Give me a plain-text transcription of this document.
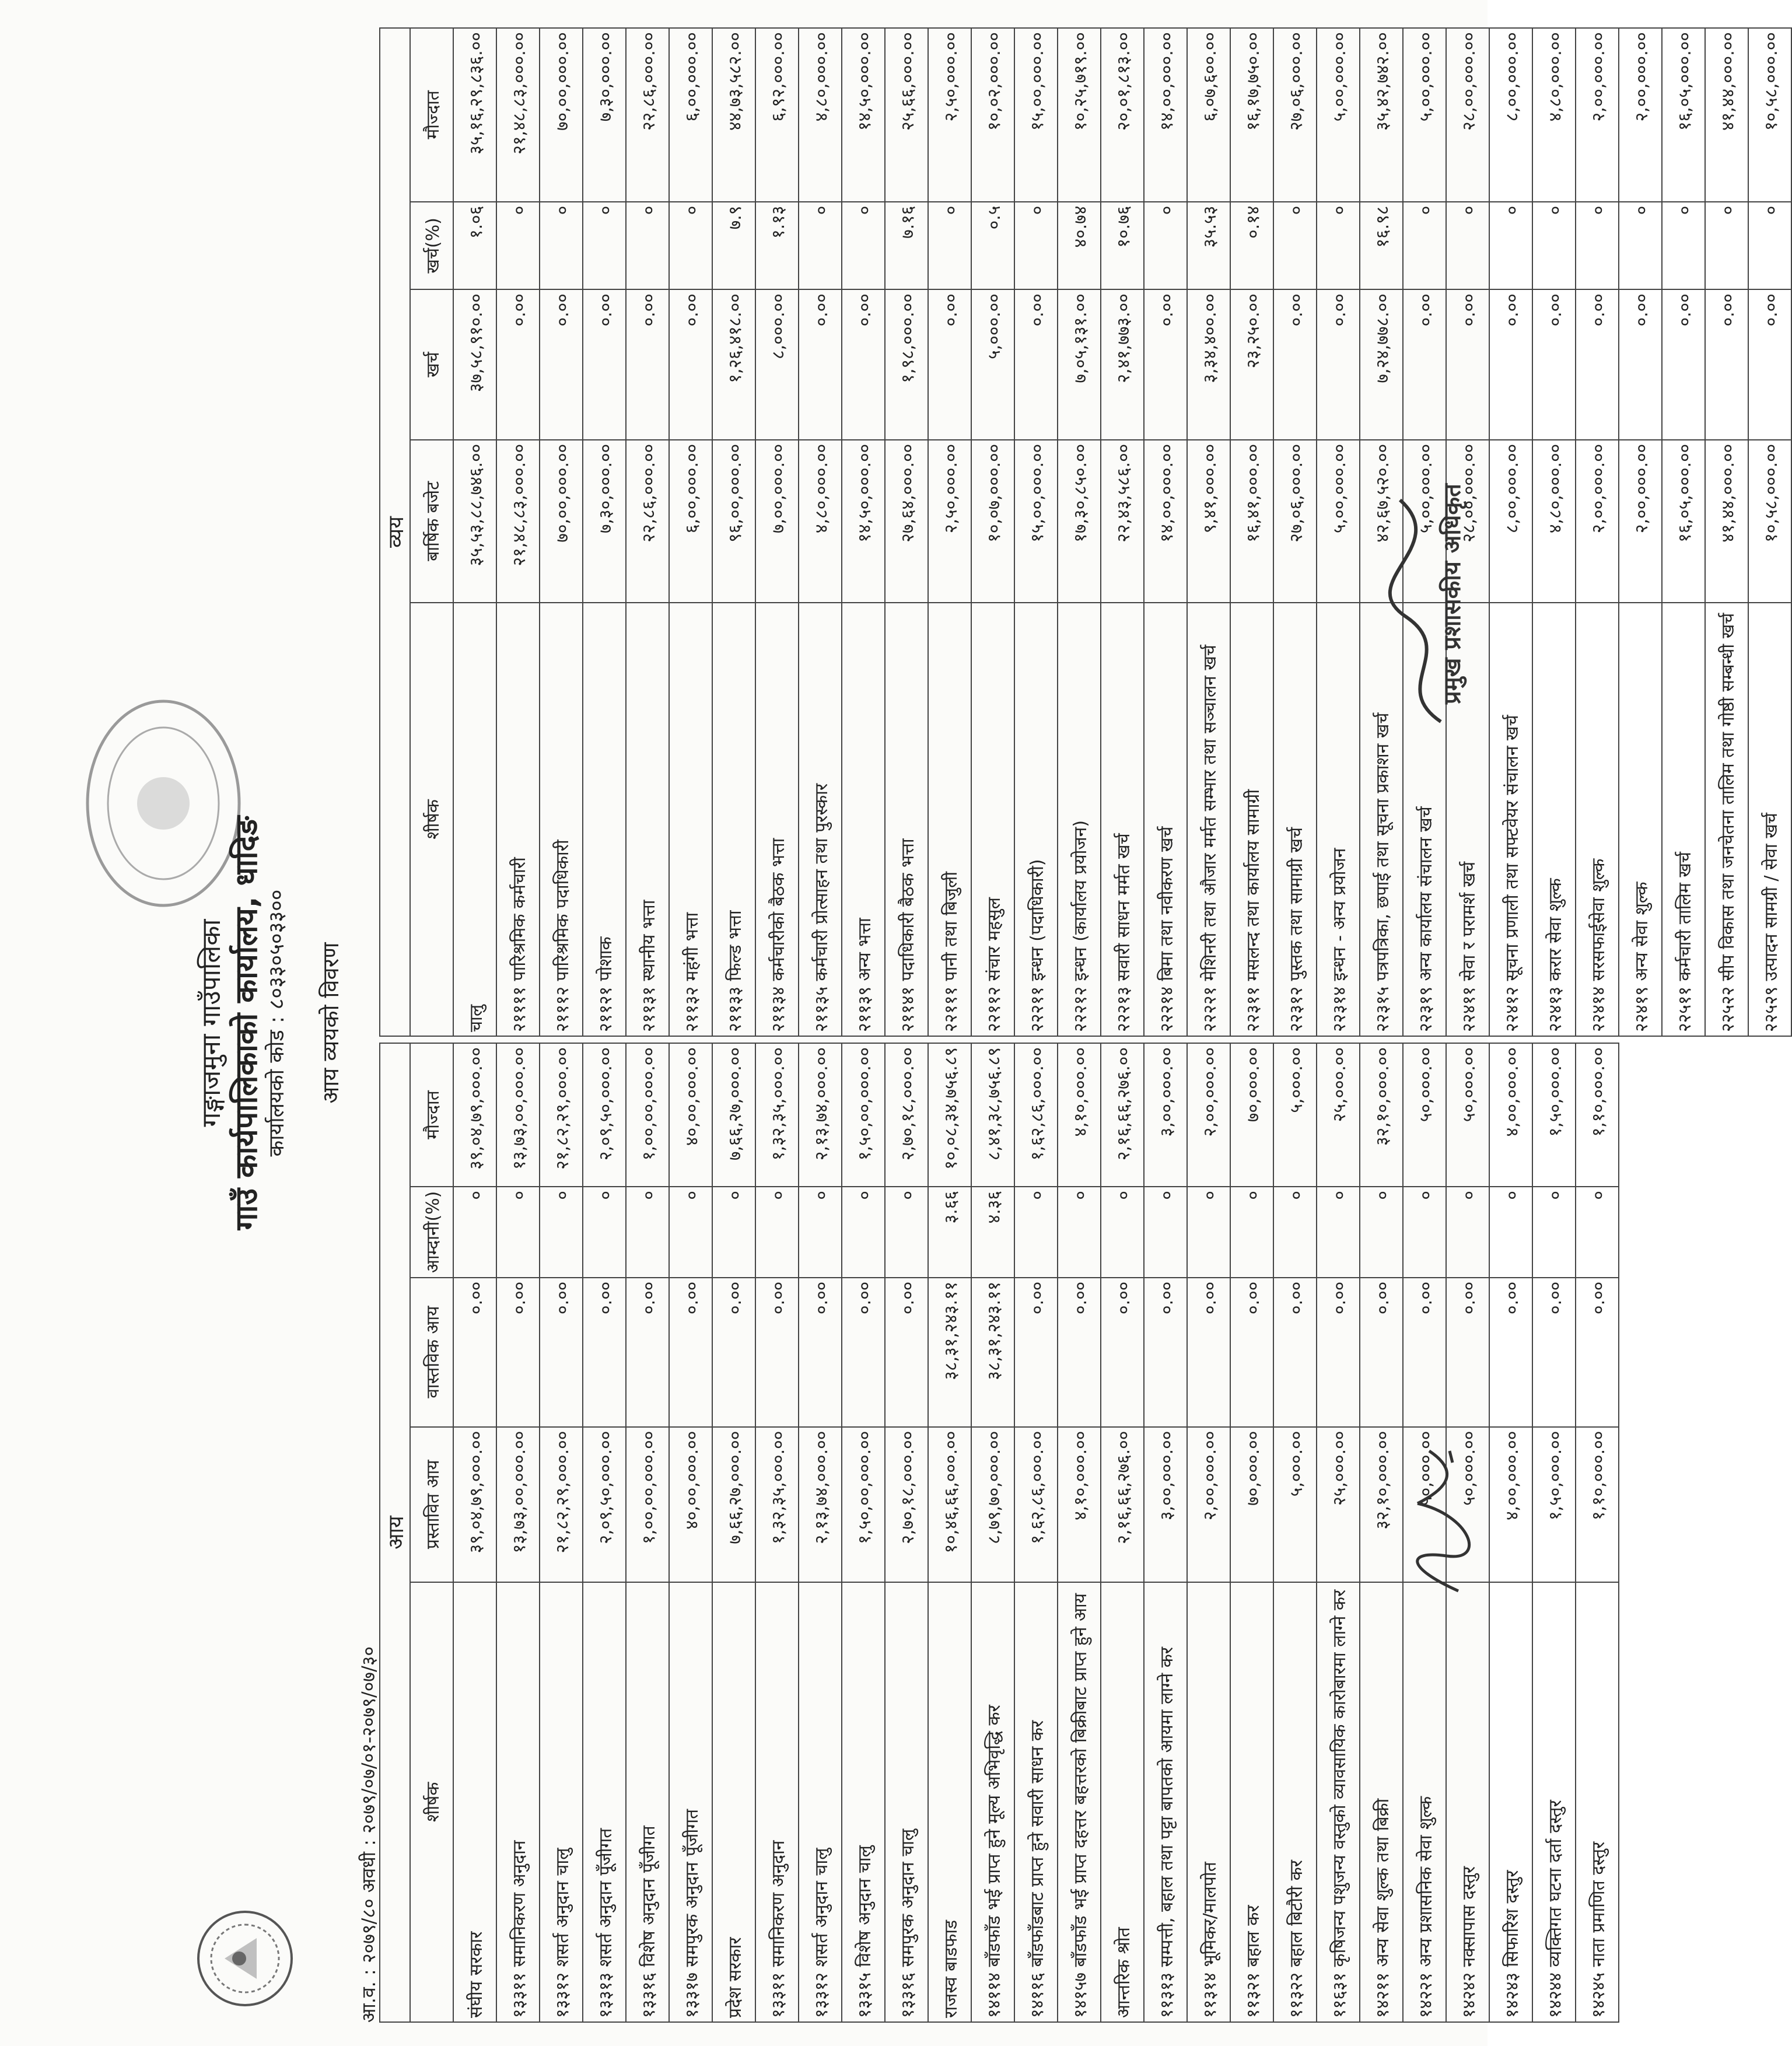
गङ्गाजमुना गाउँपालिका गाउँ कार्यपालिकाको कार्यालय, धादिङ कार्यालयको कोड : ८०३३०५०३३०० आय व्ययको विवरण
आ.व. : २०७९/८० अवधी : २०७९/०७/०१-२०७९/०७/३०
आय				
शीर्षक	प्रस्तावित आय	वास्तविक आय	आम्दानी(%)	मौज्दात
संघीय सरकार	३९,०४,७९,०००.००	०.००	०	३९,०४,७९,०००.००
१३३११ समानिकरण अनुदान	१३,७३,००,०००.००	०.००	०	१३,७३,००,०००.००
१३३१२ शसर्त अनुदान चालु	२१,८२,२९,०००.००	०.००	०	२१,८२,२९,०००.००
१३३१३ शसर्त अनुदान पूँजीगत	२,०९,५०,०००.००	०.००	०	२,०९,५०,०००.००
१३३१६ विशेष अनुदान पूँजीगत	१,००,००,०००.००	०.००	०	१,००,००,०००.००
१३३१७ समपुरक अनुदान पूँजीगत	४०,००,०००.००	०.००	०	४०,००,०००.००
प्रदेश सरकार	७,६६,२७,०००.००	०.००	०	७,६६,२७,०००.००
१३३११ समानिकरण अनुदान	१,३२,३५,०००.००	०.००	०	१,३२,३५,०००.००
१३३१२ शसर्त अनुदान चालु	२,१३,७४,०००.००	०.००	०	२,१३,७४,०००.००
१३३१५ विशेष अनुदान चालु	१,५०,००,०००.००	०.००	०	१,५०,००,०००.००
१३३१६ समपुरक अनुदान चालु	२,७०,१८,०००.००	०.००	०	२,७०,१८,०००.००
राजस्व बाडफाड	१०,४६,६६,०००.००	३८,३१,२४३.११	३.६६	१०,०८,३४,७५६.८९
१४११४ बाँडफाँड भई प्राप्त हुने मूल्य अभिवृद्धि कर	८,७९,७०,०००.००	३८,३१,२४३.११	४.३६	८,४१,३८,७५६.८९
१४११६ बाँडफाँडबाट प्राप्त हुने सवारी साधन कर	१,६२,८६,०००.००	०.००	०	१,६२,८६,०००.००
१४१५७ बाँडफाँड भई प्राप्त दहत्तर बहत्तरको बिक्रीबाट प्राप्त हुने आय	४,१०,०००.००	०.००	०	४,१०,०००.००
आन्तरिक श्रोत	२,१६,६६,२७६.००	०.००	०	२,१६,६६,२७६.००
११३१३ सम्पत्ती, बहाल तथा पट्टा बापतको आयमा लाग्ने कर	३,००,०००.००	०.००	०	३,००,०००.००
११३१४ भूमिकर/मालपोत	२,००,०००.००	०.००	०	२,००,०००.००
११३२१ बहाल कर	७०,०००.००	०.००	०	७०,०००.००
११३२२ बहाल बिटौरी कर	५,०००.००	०.००	०	५,०००.००
११६३१ कृषिजन्य पशुजन्य वस्तुको व्यावसायिक कारोबारमा लाग्ने कर	२५,०००.००	०.००	०	२५,०००.००
१४२११ अन्य सेवा शुल्क तथा बिक्री	३२,१०,०००.००	०.००	०	३२,१०,०००.००
१४२२१ अन्य प्रशासनिक सेवा शुल्क	५०,०००.००	०.००	०	५०,०००.००
१४२४२ नक्सापास दस्तुर	५०,०००.००	०.००	०	५०,०००.००
१४२४३ सिफारिश दस्तुर	४,००,०००.००	०.००	०	४,००,०००.००
१४२४४ व्यक्तिगत घटना दर्ता दस्तुर	१,५०,०००.००	०.००	०	१,५०,०००.००
१४२४५ नाता प्रमाणित दस्तुर	१,१०,०००.००	०.००	०	१,१०,०००.००
व्यय				
शीर्षक	बार्षिक बजेट	खर्च	खर्च(%)	मौज्दात
चालु	३५,५३,८८,७४६.००	३७,५८,९१०.००	१.०६	३५,१६,२९,८३६.००
२११११ पारिश्रमिक कर्मचारी	२१,४८,८३,०००.००	०.००	०	२१,४८,८३,०००.००
२१११२ पारिश्रमिक पदाधिकारी	७०,००,०००.००	०.००	०	७०,००,०००.००
२११२१ पोशाक	७,३०,०००.००	०.००	०	७,३०,०००.००
२११३१ स्थानीय भत्ता	२२,८६,०००.००	०.००	०	२२,८६,०००.००
२११३२ महंगी भत्ता	६,००,०००.००	०.००	०	६,००,०००.००
२११३३ फिल्ड भत्ता	९६,००,०००.००	१,२६,४१८.००	७.९	४४,७३,५८२.००
२११३४ कर्मचारीको बैठक भत्ता	७,००,०००.००	८,०००.००	१.१३	६,९२,०००.००
२११३५ कर्मचारी प्रोत्साहन तथा पुरस्कार	४,८०,०००.००	०.००	०	४,८०,०००.००
२११३९ अन्य भत्ता	१४,५०,०००.००	०.००	०	१४,५०,०००.००
२११४१ पदाधिकारी बैठक भत्ता	२७,६४,०००.००	१,९८,०००.००	७.१६	२५,६६,०००.००
२२१११ पानी तथा बिजुली	२,५०,०००.००	०.००	०	२,५०,०००.००
२२११२ संचार महसुल	१०,०७,०००.००	५,०००.००	०.५	१०,०२,०००.००
२२२११ इन्धन (पदाधिकारी)	१५,००,०००.००	०.००	०	१५,००,०००.००
२२२१२ इन्धन (कार्यालय प्रयोजन)	१७,३०,८५०.००	७,०५,१३१.००	४०.७४	१०,२५,७१९.००
२२२१३ सवारी साधन मर्मत खर्च	२२,४३,५८६.००	२,४१,७७३.००	१०.७६	२०,०१,८१३.००
२२२१४ बिमा तथा नवीकरण खर्च	१४,००,०००.००	०.००	०	१४,००,०००.००
२२२२१ मेशिनरी तथा औजार मर्मत सम्भार तथा सञ्चालन खर्च	९,४१,०००.००	३,३४,४००.००	३५.५३	६,०७,६००.००
२२३११ मसलन्द तथा कार्यालय सामाग्री	१६,४१,०००.००	२३,२५०.००	०.१४	१६,१७,७५०.००
२२३१२ पुस्तक तथा सामाग्री खर्च	२७,०६,०००.००	०.००	०	२७,०६,०००.००
२२३१४ इन्धन - अन्य प्रयोजन	५,००,०००.००	०.००	०	५,००,०००.००
२२३१५ पत्रपत्रिका, छपाई तथा सूचना प्रकाशन खर्च	४२,६७,५२०.००	७,२४,७७८.००	१६.९८	३५,४२,७४२.००
२२३१९ अन्य कार्यालय संचालन खर्च	५,००,०००.००	०.००	०	५,००,०००.००
२२४११ सेवा र परामर्श खर्च	२८,००,०००.००	०.००	०	२८,००,०००.००
२२४१२ सूचना प्रणाली तथा सफ्टवेयर संचालन खर्च	८,००,०००.००	०.००	०	८,००,०००.००
२२४१३ करार सेवा शुल्क	४,८०,०००.००	०.००	०	४,८०,०००.००
२२४१४ सरसफाईसेवा शुल्क	२,००,०००.००	०.००	०	२,००,०००.००
२२४१९ अन्य सेवा शुल्क	२,००,०००.००	०.००	०	२,००,०००.००
२२५११ कर्मचारी तालिम खर्च	१६,०५,०००.००	०.००	०	१६,०५,०००.००
२२५२२ सीप विकास तथा जनचेतना तालिम तथा गोष्ठी सम्बन्धी खर्च	४१,४४,०००.००	०.००	०	४१,४४,०००.००
२२५२९ उत्पादन सामग्री / सेवा खर्च	१०,५८,०००.००	०.००	०	१०,५८,०००.००
प्रमुख प्रशासकीय अधिकृत
